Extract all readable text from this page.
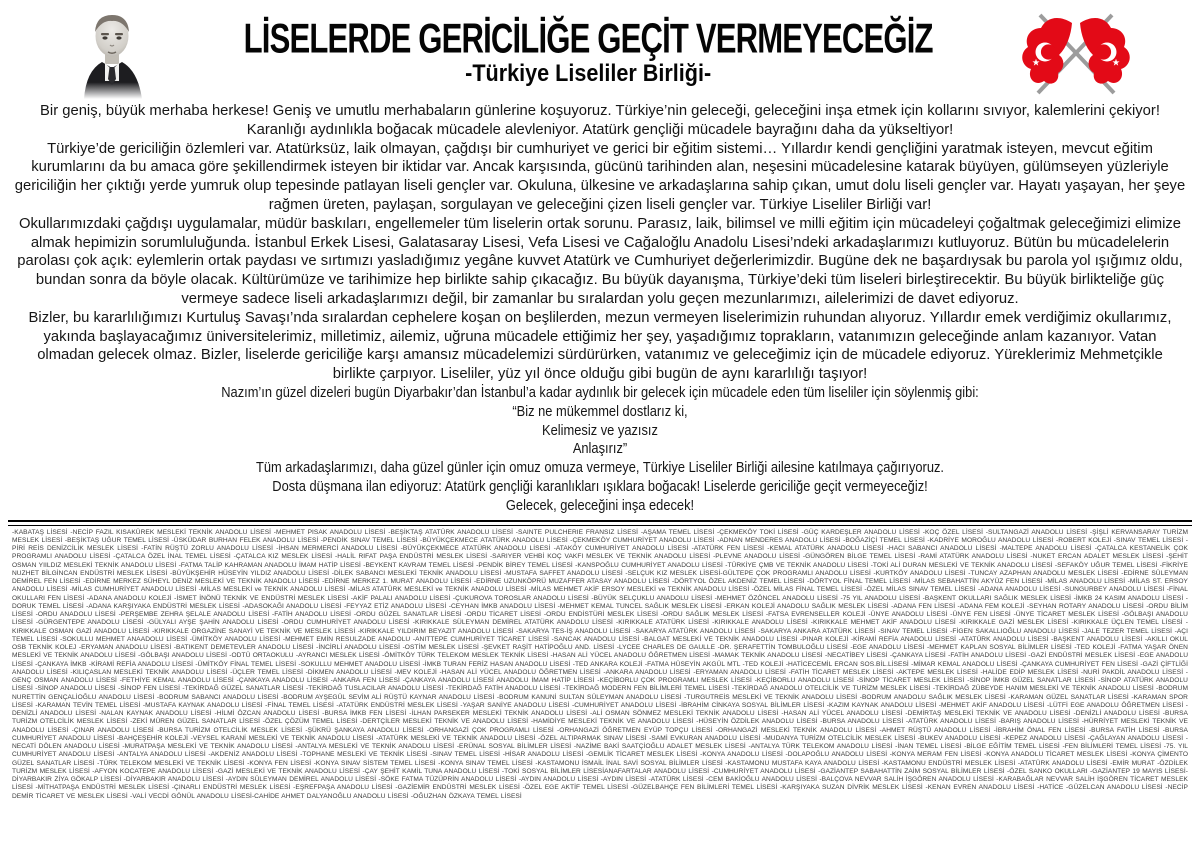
LİSELERDE GERİCİLİĞE GEÇİT VERMEYECEĞİZ
-Türkiye Liseliler Birliği-

Bir geniş, büyük merhaba herkese! Geniş ve umutlu merhabaların günlerine koşuyoruz. Türkiye’nin geleceği, geleceğini inşa etmek için kollarını sıvıyor, kalemlerini çekiyor! Karanlığı aydınlıkla boğacak mücadele alevleniyor. Atatürk gençliği mücadele bayrağını daha da yükseltiyor!

Türkiye’de gericiliğin özlemleri var. Atatürksüz, laik olmayan, çağdışı bir cumhuriyet ve gerici bir eğitim sistemi… Yıllardır kendi gençliğini yaratmak isteyen, mevcut eğitim kurumlarını da bu amaca göre şekillendirmek isteyen bir iktidar var. Ancak karşısında, gücünü tarihinden alan, neşesini mücadelesine katarak büyüyen, gülümseyen yüzleriyle gericiliğin her çıktığı yerde yumruk olup tepesinde patlayan liseli gençler var. Okuluna, ülkesine ve arkadaşlarına sahip çıkan, umut dolu liseli gençler var. Hayatı yaşayan, her şeye rağmen üreten, paylaşan, sorgulayan ve geleceğini çizen liseli gençler var. Türkiye Liseliler Birliği var!

Okullarımızdaki çağdışı uygulamalar, müdür baskıları, engellemeler tüm liselerin ortak sorunu. Parasız, laik, bilimsel ve milli eğitim için mücadeleyi çoğaltmak geleceğimizi elimize almak hepimizin sorumluluğunda. İstanbul Erkek Lisesi, Galatasaray Lisesi, Vefa Lisesi ve Cağaloğlu Anadolu Lisesi’ndeki arkadaşlarımızı kutluyoruz. Bütün bu mücadelelerin parolası çok açık: eylemlerin ortak paydası ve sırtımızı yasladığımız yegâne kuvvet Atatürk ve Cumhuriyet değerlerimizdir. Bugüne dek ne başardıysak bu parola yol ışığımız oldu, bundan sonra da böyle olacak. Kültürümüze ve tarihimize hep birlikte sahip çıkacağız. Bu büyük dayanışma, Türkiye’deki tüm liseleri birleştirecektir. Bu büyük birlikteliğe güç vermeye sadece liseli arkadaşlarımızı değil, bir zamanlar bu sıralardan yolu geçen mezunlarımızı, ailelerimizi de davet ediyoruz.

Bizler, bu kararlılığımızı Kurtuluş Savaşı’nda sıralardan cephelere koşan on beşlilerden, mezun vermeyen liselerimizin ruhundan alıyoruz. Yıllardır emek verdiğimiz okullarımız, yakında başlayacağımız üniversitelerimiz, milletimiz, ailemiz, uğruna mücadele ettiğimiz her şey, yaşadığımız toprakların, vatanımızın geleceğinde anlam kazanıyor. Vatan olmadan gelecek olmaz. Bizler, liselerde gericiliğe karşı amansız mücadelemizi sürdürürken, vatanımız ve geleceğimiz için de mücadele ediyoruz. Yüreklerimiz Mehmetçikle birlikte çarpıyor. Liseliler, yüz yıl önce olduğu gibi bugün de aynı kararlılığı taşıyor!

Nazım’ın güzel dizeleri bugün Diyarbakır’dan İstanbul’a kadar aydınlık bir gelecek için mücadele eden tüm liseliler için söylenmiş gibi:

“Biz ne mükemmel dostlarız ki,

Kelimesiz ve yazısız

Anlaşırız”

Tüm arkadaşlarımızı, daha güzel günler için omuz omuza vermeye, Türkiye Liseliler Birliği ailesine katılmaya çağırıyoruz.

Dosta düşmana ilan ediyoruz: Atatürk gençliği karanlıkları ışıklara boğacak! Liselerde gericiliğe geçit vermeyeceğiz!

Gelecek, geleceğini inşa edecek!

-KABATAŞ LİSESİ -NECİP FAZIL KISAKÜREK MESLEKİ TEKNİK ANADOLU LİSESİ -MEHMET PISAK ANADOLU LİSESİ -BEŞİKTAŞ ATATÜRK ANADOLU LİSESİ -SAINTE PULCHERIE FRANSIZ LİSESİ -AŞAMA TEMEL LİSESİ -ÇEKMEKÖY TOKİ LİSESİ -GÜÇ KARDEŞLER ANADOLU LİSESİ -KOÇ ÖZEL LİSESİ -SULTANGAZİ ANADOLU LİSESİ -ŞİŞLİ KERVANSARAY TURİZM MESLEK LİSESİ -BEŞİKTAŞ UĞUR TEMEL LİSESİ -ÜSKÜDAR BURHAN FELEK ANADOLU LİSESİ -PENDİK SINAV TEMEL LİSESİ -BÜYÜKÇEKMECE ATATÜRK ANADOLU LİSESİ -ÇEKMEKÖY CUMHURİYET ANADOLU LİSESİ -ADNAN MENDERES ANADOLU LİSESİ -BOĞAZİÇİ TEMEL LİSESİ -KADRİYE MOROĞLU ANADOLU LİSESİ -ROBERT KOLEJİ -SINAV TEMEL LİSESİ -PİRİ REİS DENİZCİLİK MESLEK LİSESİ -FATİN RÜŞTÜ ZORLU ANADOLU LİSESİ -İHSAN MERMERCİ ANADOLU LİSESİ -BÜYÜKÇEKMECE ATATÜRK ANADOLU LİSESİ -ATAKÖY CUMHURİYET ANADOLU LİSESİ -ATATÜRK FEN LİSESİ -KEMAL ATATÜRK ANADOLU LİSESİ -HACI SABANCI ANADOLU LİSESİ -MALTEPE ANADOLU LİSESİ -ÇATALCA KESTANELİK ÇOK PROGRAMLI ANADOLU LİSESİ -ÇATALCA ÖZEL İNAL TEMEL LİSESİ -ÇATALCA KIZ MESLEK LİSESİ -HALİL RIFAT PAŞA ENDÜSTRİ MESLEK LİSESİ -SARIYER VEHBİ KOÇ VAKFI MESLEK VE TEKNİK ANADOLU LİSESİ -PLEVNE ANADOLU LİSESİ -GÜNGÖREN BİLGE TEMEL LİSESİ -RAMİ ATATÜRK ANADOLU LİSESİ -NUKET ERCAN ADALET MESLEK LİSESİ -ŞEHİT OSMAN YIILDIZ MESLEKİ TEKNİK ANADOLU LİSESİ -FATMA TALİP KAHRAMAN ANADOLU İMAM HATİP LİSESİ -BEYKENT KAVRAM TEMEL LİSESİ -PENDİK BİREY TEMEL LİSESİ -KANSPOĞLU CUMHURİYET ANADOLU LİSESİ -TÜRKİYE ÇMB VE TEKNİK ANADOLU LİSESİ -TOKİ ALİ DURAN MESLEKİ VE TEKNİK ANADOLU LİSESİ -SEFAKÖY UĞUR TEMEL LİSESİ -FİKRİYE NUZHET BİLGİNCAN ENDÜSTRİ MESLEK LİSESİ -BÜYÜKŞEHİR HÜSEYİN YILDIZ ANADOLU LİSESİ -DİLEK SABANCI MESLEKİ TEKNİK ANADOLU LİSESİ -MUSTAFA SAFFET ANADOLU LİSESİ -SELÇUK KIZ MESLEK LİSESİ-GÜLTEPE ÇOK PROGRAMLI ANADOLU LİSESİ -KURTKÖY ANADOLU LİSESİ -TUNCAY AZAPHAN ANADOLU MESLEK LİSESİ -EDİRNE SÜLEYMAN DEMİREL FEN LİSESİ -EDİRNE MERKEZ SÜHEYL DENİZ MESLEKİ VE TEKNİK ANADOLU LİSESİ -EDİRNE MERKEZ 1. MURAT ANADOLU LİSESİ -EDİRNE UZUNKÖPRÜ MUZAFFER ATASAY ANADOLU LİSESİ -DÖRTYOL ÖZEL AKDENİZ TEMEL LİSESİ -DÖRTYOL FİNAL TEMEL LİSESİ -MİLAS SEBAHATTİN AKYÜZ FEN LİSESİ -MİLAS ANADOLU LİSESİ -MİLAS ST. ERSOY ANADOLU LİSESİ -MİLAS CUMHURİYET ANADOLU LİSESİ -MİLAS MESLEKİ ve TEKNİK ANADOLU LİSESİ -MİLAS ATATÜRK MESLEKİ ve TEKNİK ANADOLU LİSESİ -MİLAS MEHMET AKİF ERSOY MESLEKİ ve TEKNİK ANADOLU LİSESİ -ÖZEL MİLAS FİNAL TEMEL LİSESİ -ÖZEL MİLAS SINAV TEMEL LİSESİ -ADANA ANADOLU LİSESİ -SUNGURBEY ANADOLU LİSESİ -FİNAL OKULLARI FEN LİSESİ -ADANA ANADOLU KOLEJİ -İSMET İNÖNÜ TEKNİK VE ENDÜSTRİ MESLEK LİSESİ -AKİF PALALI ANADOLU LİSESİ -ÇUKUROVA TOROSLAR ANADOLU LİSESİ -BÜYÜK SELÇUKLU ANADOLU LİSESİ -MEHMET ÖZÖNCEL ANADOLU LİSESİ -75 YIL ANADOLU LİSESİ -BAŞKENT OKULLARI SAĞLIK MESLEK LİSESİ -İMKB 24 KASIM ANADOLU LİSESİ -DORUK TEMEL LİSESİ -ADANA KARŞIYAKA ENDÜSTRİ MESLEK LİSESİ -ADASOKAĞI ANADOLU LİSESİ -FEYYAZ ETİZ ANADOLU LİSESİ -CEYHAN İMKB ANADOLU LİSESİ -MEHMET KEMAL TUNCEL SAĞLIK MESLEK LİSESİ -ERKAN KOLEJİ ANADOLU SAĞLIK MESLEK LİSESİ -ADANA FEN LİSESİ -ADANA FEM KOLEJİ -SEYHAN ROTARY ANADOLU LİSESİ -ORDU BİLİM LİSESİ -ORDU ANADOLU LİSESİ -PERŞEMBE ZEHRA ŞELALE ANADOLU LİSESİ -FATİH ANADOLU LİSESİ -ORDU GÜZEL SANATLAR LİSESİ -ORDU TİCARET LİSESİ -ORDU ENDİSTÜRİ MESLEK LİSESİ -ORDU SAĞLIK MESLEK LİSESİ -FATSA EVRENSELLER KOLEJİ -ÜNYE ANADOLU LİSESİ -ÜNYE FEN LİSESİ -ÜNYE TİCARET MESLEK LİSESİ -GÖLBAŞI ANADOLU LİSESİ -GÜRGENTEPE ANADOLU LİSESİ -GÜLYALI AYŞE ŞAHİN ANADOLU LİSESİ -ORDU CUMHURİYET ANADOLU LİSESİ -KIRIKKALE SÜLEYMAN DEMİREL ATATÜRK ANADOLU LİSESİ -KIRIKKALE ATATÜRK LİSESİ -KIRIKKALE ANADOLU LİSESİ -KIRIKKALE MEHMET AKİF ANADOLU LİSESİ -KIRIKKALE GAZİ MESLEK LİSESİ -KIRIKKALE ÜÇLEN TEMEL LİSESİ -KIRIKKALE OSMAN GAZİ ANADOLU LİSESİ -KIRIKKALE ORGAZİNE SANAYİ VE TEKNİK VE MESLEK LİSESİ -KIRIKKALE YILDIRIM BEYAZIT ANADOLU LİSESİ -SAKARYA TES-İŞ ANADOLU LİSESİ -SAKARYA ATATÜRK ANADOLU LİSESİ -SAKARYA ANKARA ATATÜRK LİSESİ -SINAV TEMEL LİSESİ -FİGEN SAKALLIOĞLU ANADOLU LİSESİ -JALE TEZER TEMEL LİSESİ -AÇI TEMEL LİSESİ -SOKULLU MEHMET ANAADOLU LİSESİ -ÜMİTKÖY ANADOLU LİSESİ -MEHMET EMİN RESULZADE ANADOLU -ANITTEPE CUMHURİYET TİCARET LİSESİ -SANCAK ANADOLU LİSESİ -BALGAT MESLEKİ VE TEKNİK ANADOLU LİSESİ -PINAR KOLEJİ -KİRAMİ REFİA ANADOLU LİSESİ -ATATÜRK ANADOLU LİSESİ -BAŞKENT ANADOLU LİSESİ -AKILLI OKUL OSB TEKNİK KOLEJ -ERYAMAN ANADOLU LİSESİ -BATIKENT DEMETEVLER ANADOLU LİSESİ -İNCİRLİ ANADOLU LİSESİ -OSTİM MESLEK LİSESİ -ŞEVKET RAŞİT HATİPOĞLU AND. LİSESİ -LYCEE CHARLES DE GAULLE -DR. ŞERAFETTİN TOMBULOĞLU LİSESİ -EGE ANADOLU LİSESİ -MEHMET KAPLAN SOSYAL BİLİMLER LİSESİ -TED KOLEJİ -FATMA YAŞAR ÖNEN MESLEKİ VE TEKNİK ANADOLU LİSESİ -GÖLBAŞI ANADOLU LİSESİ -ODTÜ ORTAOKULU -AYRANCI MESLEK LİSESİ -ÖMİTKÖY TÜRK TELEKOM MESLEK TEKNİK LİSESİ -HASAN ALİ YÜCEL ANADOLU ÖĞRETMEN LİSESİ -MAMAK TEKNİK ANADOLU LİSESİ -NECATİBEY LİSESİ -ÇANKAYA LİSESİ -FATİH ANADOLU LİSESİ -GAZİ ENDÜSTRİ MESLEK LİSESİ -EGE ANADOLU LİSESİ -ÇANKAYA İMKB -KİRAMİ REFİA ANADOLU LİSESİ -ÜMİTKÖY FİNAL TEMEL LİSESİ -SOKULLU MEHMET ANADOLU LİSESİ -İMKB TURAN FERİZ HASAN ANADOLU LİSESİ -TED ANKARA KOLEJİ -FATMA HÜSEYİN AKGÜL MTL -TED KOLEJİ -HATİCECEMİL ERCAN SOS.BİL.LİSESİ -MİMAR KEMAL ANADOLU LİSESİ -ÇANKAYA CUMHURİYET FEN LİSESİ -GAZİ ÇİFTLİĞİ ANADOLU LİSESİ -KILIÇASLAN MESLEKİ TEKNİK ANADOLU LİSESİ -ÜÇLER TEMEL LİSESİ -DİKMEN ANADOLU LİSESİ -MEV KOLEJİ -HASAN ALİ YÜCEL ANADOLU ÖĞRETMEN LİSESİ -ANKARA ANADOLU LİSESİ -ERYAMAN ANADOLU LİSESİ -FATİH TİCARET MESLEK LİSESİ -AKTEPE MESLEK LİSESİ -HALİDE EDİP MESLEK LİSESİ -NURİ PAKDİL ANADOLU LİSESİ -GENÇ OSMAN ANADOLU LİSESİ -FETHİYE KEMAL ANADOLU LİSESİ -ÇANKAYA ANADOLU LİSESİ -ANKARA FEN LİSESİ -ÇANKAYA ANADOLU LİSESİ ANADOLU İMAM HATİP LİSESİ -KEÇİBORLU ÇOK PROGRAMLI MESLEK LİSESİ -KEÇİBORLU ANADOLU LİSESİ -SİNOP TİCARET MESLEK LİSESİ -SİNOP İMKB GÜZEL SANATLAR LİSESİ -SİNOP ATATÜRK ANADOLU LİSESİ -SİNOP ANADOLU LİSESİ -SİNOP FEN LİSESİ -TEKİRDAĞ GÜZEL SANATLAR LİSESİ -TEKİRDAĞ TUSLACILAR ANADOLU LİSESİ -TEKİRDAĞ FATİH ANADOLU LİSESİ -TEKİRDAĞ MODERN FEN BİLİMLERİ TEMEL LİSESİ -TEKİRDAĞ ANADOLU OTELCİLİK VE TURİZM MESLEK LİSESİ -TEKİRDAĞ ZÜBEYDE HANIM MESLEKİ VE TEKNİK ANADOLU LİSESİ -BODRUM NURETTİN GENÇALİOĞLU ANADOLU LİSESİ -BODRUM SABANCI ANADOLU LİSESİ -BODRUM AYŞEGÜL SEVİM ALİ RÜŞTÜ KAYNAR ANADOLU LİSESİ -BODRUM KANUNİ SULTAN SÜLEYMAN ANADOLU LİSESİ -TURGUTREİS MESLEKİ VE TEKNİK ANADOLU LİSESİ -BODRUM ANADOLU SAĞLIK MESLEK LİSESİ -KARAMAN GÜZEL SANATLAR LİSESİ -KARAMAN SPOR LİSESİ -KARAMAN TEVİN TEMEL LİSESİ -MUSTAFA KAYNAK ANADOLU LİSESİ -FİNAL TEMEL LİSESİ -ATATÜRK ENDÜSTRİ MESLEK LİSESİ -YAŞAR SANİYE ANADOLU LİSESİ -CUMHURİYET ANADOLU LİSESİ -İBRAHİM CİNKAYA SOSYAL BİLİMLER LİSESİ -KAZIM KAYNAK ANADOLU LİSESİ -MEHMET AKİF ANADOLU LİSESİ -LÜTFİ EGE ANADOLU ÖĞRETMEN LİSESİ -DENİZLİ ANADOLU LİSESİ -NALAN KAYNAK ANADOLU LİSESİ -HİLMİ ÖZCAN ANADOLU LİSESİ -BURSA İMKB FEN LİSESİ -İLHAN PARSEKER MESLEKİ TEKNİK ANADOLU LİSESİ -ALİ OSMAN SÖNMEZ MESLEKİ TEKNİK ANADOLU LİSESİ -HASAN ALİ YÜCEL ANADOLU LİSESİ -DEMİRTAŞ MESLEKİ TEKNİK VE ANADOLU LİSESİ -DENİZLİ ANADOLU LİSESİ -BURSA TURİZM OTELCİLİK MESLEK LİSESİ -ZEKİ MÜREN GÜZEL SANATLAR LİSESİ -ÖZEL ÇÖZÜM TEMEL LİSESİ -DERTÇİLER MESLEKİ TEKNİK VE ANADOLU LİSESİ -HAMİDİYE MESLEKİ TEKNİK VE ANADOLU LİSESİ -HÜSEYİN ÖZDİLEK ANADOLU LİSESİ -BURSA ANADOLU LİSESİ -ATATÜRK ANADOLU LİSESİ -BARIŞ ANADOLU LİSESİ -HÜRRİYET MESLEKİ TEKNİK VE ANADOLU LİSESİ -ÇINAR ANADOLU LİSESİ -BURSA TURİZM OTELCİLİK MESLEK LİSESİ -ŞÜKRÜ ŞANKAYA ANADOLU LİSESİ -ORHANGAZİ ÇOK PROGRAMLI LİSESİ -ORHANGAZİ ÖĞRETMEN EYÜP TOPÇU LİSESİ -ORHANGAZİ MESLEKİ TEKNİK ANADOLU LİSESİ -AHMET RÜŞTÜ ANADOLU LİSESİ -İBRAHİM ÖNAL FEN LİSESİ -BURSA FATİH LİSESİ -BURSA CUMHURİYET ANADOLU LİSESİ -BAHÇEŞEHİR KOLEJİ -VEYSEL KARANİ MESLEKİ VE TEKNİK ANADOLU LİSESİ -ATATÜRK MESLEKİ VE TEKNİK ANADOLU LİSESİ -ÖZEL ALTIPARMAK SINAV LİSESİ -SAMİ EVKURAN ANADOLU LİSESİ -MUDANYA TURİZM OTELCİLİK MESLEK LİSESİ -BUKEV ANADOLU LİSESİ -KEPEZ ANADOLU LİSESİ -ÇAĞLAYAN ANADOLU LİSESİ -NECATİ DÖLEN ANADOLU LİSESİ -MURATPAŞA MESLEKİ VE TEKNİK ANADOLU LİSESİ -ANTALYA MESLEKİ VE TEKNİK ANADOLU LİSESİ -ERÜNAL SOSYAL BİLİMLER LİSESİ -NAZİME BAKİ SAATÇİOĞLU ADALET MESLEK LİSESİ -ANTALYA TÜRK TELEKOM ANADOLU LİSESİ -İNAN TEMEL LİSESİ -BİLGE EĞİTİM TEMEL LİSESİ -FEN BİLİMLERİ TEMEL LİSESİ -75. YIL CUMHURİYET ANADOLU LİSESİ -ANTALYA ANADOLU LİSESİ -AKDENİZ ANADOLU LİSESİ -TOPHANE MESLEKİ VE TEKNİK LİSESİ -SINAV TEMEL LİSESİ -HİSAR ANADOLU LİSESİ -GEMLİK TİCARET MESLEK LİSESİ -KONYA ANADOLU LİSESİ -DOLAPOĞLU ANADOLU LİSESİ -KONYA MERAM FEN LİSESİ -KONYA ANADOLU TİCARET MESLEK LİSESİ -KONYA ÇİMENTO GÜZEL SANATLAR LİSESİ -TÜRK TELEKOM MESLEKİ VE TEKNİK LİSESİ -KONYA FEN LİSESİ -KONYA SINAV SİSTEM TEMEL LİSESİ -KONYA SINAV TEMEL LİSESİ -KASTAMONU İSMAİL İNAL SAVİ SOSYAL BİLİMLER LİSESİ -KASTAMONU MUSTAFA KAYA ANADOLU LİSESİ -KASTAMONU ENDÜSTRİ MESLEK LİSESİ -ATATÜRK ANADOLU LİSESİ -EMİR MURAT -ÖZDİLEK TURİZM MESLEK LİSESİ -AFYON KOCATEPE ANADOLU LİSESİ -GAZİ MESLEKİ VE TEKNİK ANADOLU LİSESİ -ÇAY ŞEHİT KAMİL TUNA ANADOLU LİSESİ -TOKİ SOSYAL BİLİMLER LİSESİANAFARTALAR ANADOLU LİSESİ -CUMHURİYET ANADOLU LİSESİ -GAZİANTEP SABAHATTİN ZAİM SOSYAL BİLİMLER LİSESİ -ÖZEL SANKO OKULLARI -GAZİANTEP 19 MAYIS LİSESİ-DİYARBAKIR ZİYA GÖKALP LİSESİ -DİYARBAKIR ANADOLU LİSESİ -AYDIN SÜLEYMAN DEMİREL ANADOLU LİSESİ -SÖKE FATMA TÜZÜPRİN ANADOLU LİSESİ -AYDIN ANADOLU LİSESİ -AYDIN LİSESİ -ATATÜRK LİSESİ -CEM BAKİOĞLU ANADOLU LİSESİ -BALÇOVA NEVVAR SALİH İŞGÖREN ANADOLU LİSESİ -KARABAĞLAR NEVVAR SALİH İŞGÖREN TİCARET MESLEK LİSESİ -MİTHATPAŞA ENDÜSTRİ MESLEK LİSESİ -ÇINARLI ENDÜSTRİ MESLEK LİSESİ -EŞREFPAŞA ANADOLU LİSESİ -GAZİEMİR ENDÜSTRİ MESLEK LİSESİ -ÖZEL EGE AKTİF TEMEL LİSESİ -GÜZELBAHÇE FEN BİLİMLERİ TEMEL LİSESİ -KARŞIYAKA SUZAN DİVRİK MESLEK LİSESİ -KENAN EVREN ANADOLU LİSESİ -HATİCE -GÜZELCAN ANADOLU LİSESİ -NECİP DEMİR TİCARET VE MESLEK LİSESİ -VALİ VECDİ GÖNÜL ANADOLU LİSESİ-CAHİDE AHMET DALYANOĞLU ANADOLU LİSESİ -OĞUZHAN ÖZKAYA TEMEL LİSESİ
